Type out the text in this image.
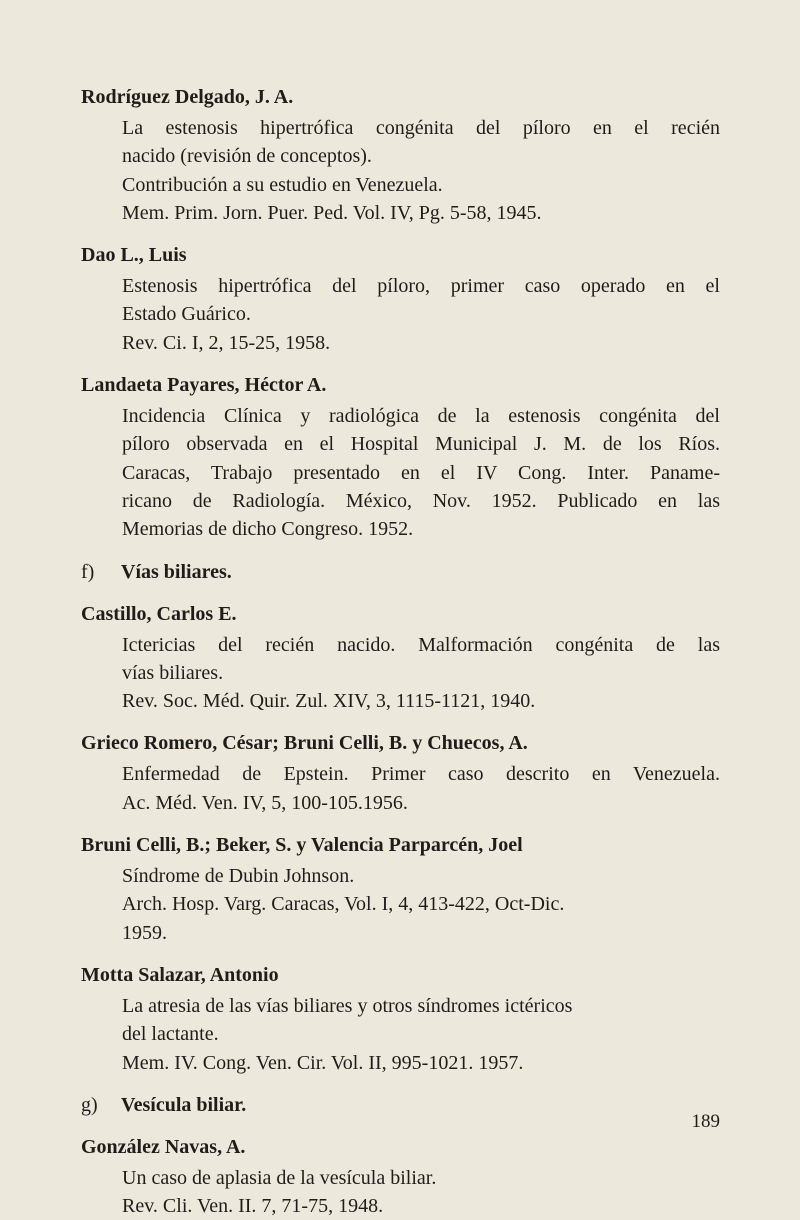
Rodríguez Delgado, J. A.

La estenosis hipertrófica congénita del píloro en el recién
nacido (revisión de conceptos).
Contribución a su estudio en Venezuela.
Mem. Prim. Jorn. Puer. Ped. Vol. IV, Pg. 5-58, 1945.

Dao L., Luis

Estenosis hipertrófica del píloro, primer caso operado en el
Estado Guárico.
Rev. Ci. I, 2, 15-25, 1958.

Landaeta Payares, Héctor A.

Incidencia Clínica y radiológica de la estenosis congénita del
píloro observada en el Hospital Municipal J. M. de los Ríos.
Caracas, Trabajo presentado en el IV Cong. Inter. Paname-
ricano de Radiología. México, Nov. 1952. Publicado en las
Memorias de dicho Congreso. 1952.

f) Vías biliares.

Castillo, Carlos E.

Ictericias del recién nacido. Malformación congénita de las
vías biliares.
Rev. Soc. Méd. Quir. Zul. XIV, 3, 1115-1121, 1940.

Grieco Romero, César; Bruni Celli, B. y Chuecos, A.

Enfermedad de Epstein. Primer caso descrito en Venezuela.
Ac. Méd. Ven. IV, 5, 100-105.1956.

Bruni Celli, B.; Beker, S. y Valencia Parparcén, Joel

Síndrome de Dubin Johnson.
Arch. Hosp. Varg. Caracas, Vol. I, 4, 413-422, Oct-Dic.
1959.

Motta Salazar, Antonio

La atresia de las vías biliares y otros síndromes ictéricos
del lactante.
Mem. IV. Cong. Ven. Cir. Vol. II, 995-1021. 1957.

g) Vesícula biliar.

González Navas, A.

Un caso de aplasia de la vesícula biliar.
Rev. Cli. Ven. II. 7, 71-75, 1948.
189
